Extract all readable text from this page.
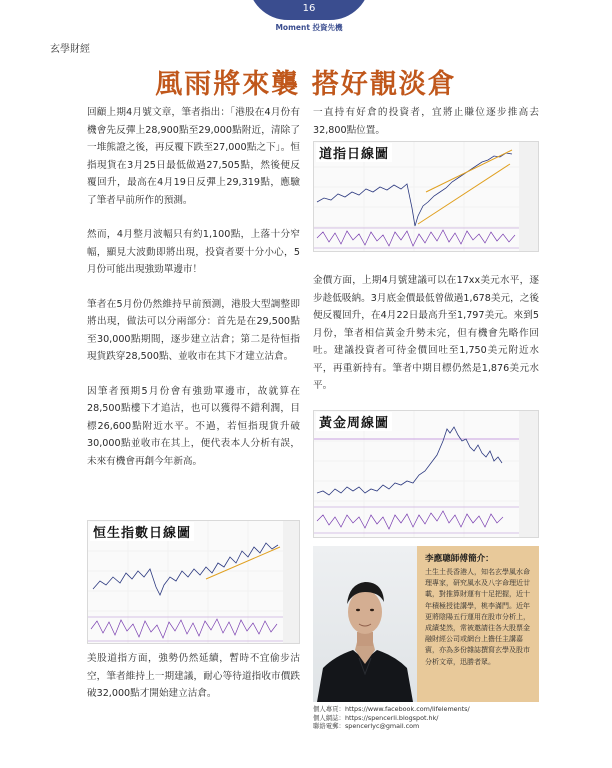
16
Moment 投資先機
玄學財經
風雨將來襲 搭好靚淡倉

回顧上期4月號文章，筆者指出：「港股在4月份有機會先反彈上28,900點至29,000點附近，清除了一堆熊證之後，再反覆下跌至27,000點之下」。恒指現貨在3月25日最低做過27,505點，然後便反覆回升，最高在4月19日反彈上29,319點，應驗了筆者早前所作的預測。

然而，4月整月波幅只有約1,100點，上落十分窄幅，顯見大波動即將出現，投資者要十分小心，5月份可能出現強勁單邊市！

筆者在5月份仍然維持早前預測，港股大型調整即將出現，做法可以分兩部分：首先是在29,500點至30,000點期間，逐步建立沽倉；第二是待恒指現貨跌穿28,500點、並收市在其下才建立沽倉。

因筆者預期5月份會有強勁單邊市，故就算在28,500點樓下才追沽，也可以獲得不錯利潤，目標26,600點附近水平。不過，若恒指現貨升破30,000點並收市在其上，便代表本人分析有誤，未來有機會再創今年新高。

恒生指數日線圖

美股道指方面，強勢仍然延續，暫時不宜偷步沽空，筆者維持上一期建議，耐心等待道指收市價跌破32,000點才開始建立沽倉。

一直持有好倉的投資者，宜將止賺位逐步推高去32,800點位置。

道指日線圖

金價方面，上期4月號建議可以在17xx美元水平，逐步趁低吸納。3月底金價最低曾做過1,678美元，之後便反覆回升，在4月22日最高升至1,797美元。來到5月份，筆者相信黃金升勢未完，但有機會先略作回吐。建議投資者可待金價回吐至1,750美元附近水平，再重新持有。筆者中期目標仍然是1,876美元水平。

黃金周線圖
李應聰師傅簡介：
土生土長香港人，知名玄學風水命理專家，研究風水及八字命理近廿載，對推算財運有十足把握，近十年積極授徒講學，桃李滿門。近年更將陰陽五行運用在股市分析上，成績斐然，常被邀請往各大股票金融財經公司或網台上擔任主講嘉賓，亦為多份雜誌撰寫玄學及股市分析文章，迅勝者眾。
個人專頁：https://www.facebook.com/lifelements/
個人網誌：https://spencerli.blogspot.hk/
聯絡電郵：spencerlyc@gmail.com
